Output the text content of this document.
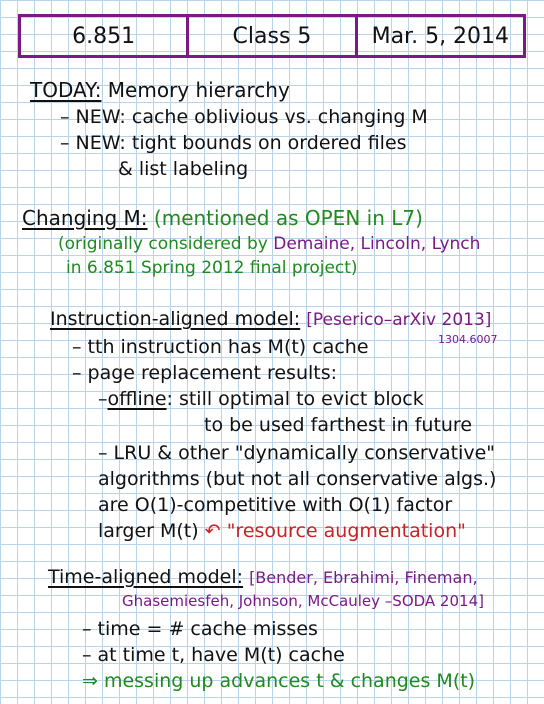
6.851	Class 5	Mar. 5, 2014
TODAY: Memory hierarchy
– NEW: cache oblivious vs. changing M
– NEW: tight bounds on ordered files
& list labeling
Changing M: (mentioned as OPEN in L7)
(originally considered by Demaine, Lincoln, Lynch
in 6.851 Spring 2012 final project)
Instruction-aligned model: [Peserico–arXiv 2013]
1304.6007
– tth instruction has M(t) cache
– page replacement results:
–offline: still optimal to evict block
to be used farthest in future
– LRU & other "dynamically conservative"
algorithms (but not all conservative algs.)
are O(1)-competitive with O(1) factor
larger M(t) ↶ "resource augmentation"
Time-aligned model: [Bender, Ebrahimi, Fineman,
Ghasemiesfeh, Johnson, McCauley –SODA 2014]
– time = # cache misses
– at time t, have M(t) cache
⇒ messing up advances t & changes M(t)
